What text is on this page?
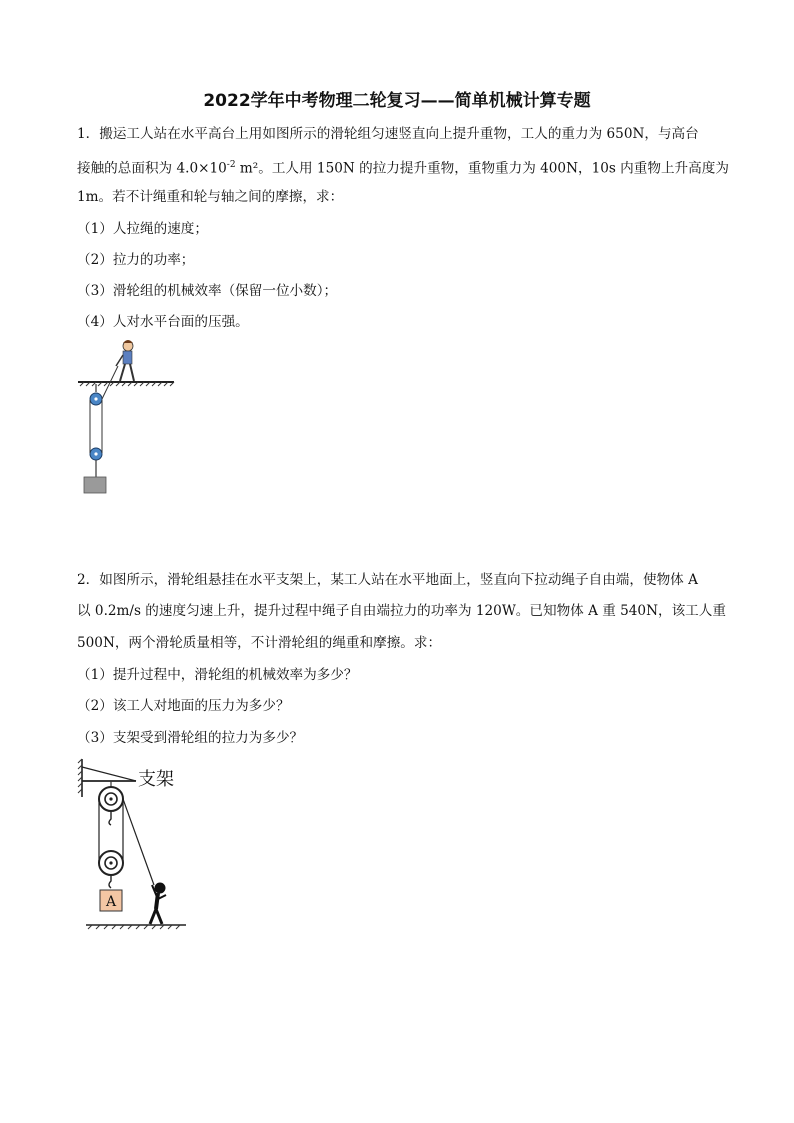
2022学年中考物理二轮复习——简单机械计算专题
1．搬运工人站在水平高台上用如图所示的滑轮组匀速竖直向上提升重物，工人的重力为 650N，与高台
接触的总面积为 $4.0\times 10^{-2}$ m²。工人用 150N 的拉力提升重物，重物重力为 400N，10s 内重物上升高度为
1m。若不计绳重和轮与轴之间的摩擦，求：
（1）人拉绳的速度；
（2）拉力的功率；
（3）滑轮组的机械效率（保留一位小数）；
（4）人对水平台面的压强。
2．如图所示，滑轮组悬挂在水平支架上，某工人站在水平地面上，竖直向下拉动绳子自由端，使物体 A
以 0.2m/s 的速度匀速上升，提升过程中绳子自由端拉力的功率为 120W。已知物体 A 重 540N，该工人重
500N，两个滑轮质量相等，不计滑轮组的绳重和摩擦。求：
（1）提升过程中，滑轮组的机械效率为多少？
（2）该工人对地面的压力为多少？
（3）支架受到滑轮组的拉力为多少？
支架
A
